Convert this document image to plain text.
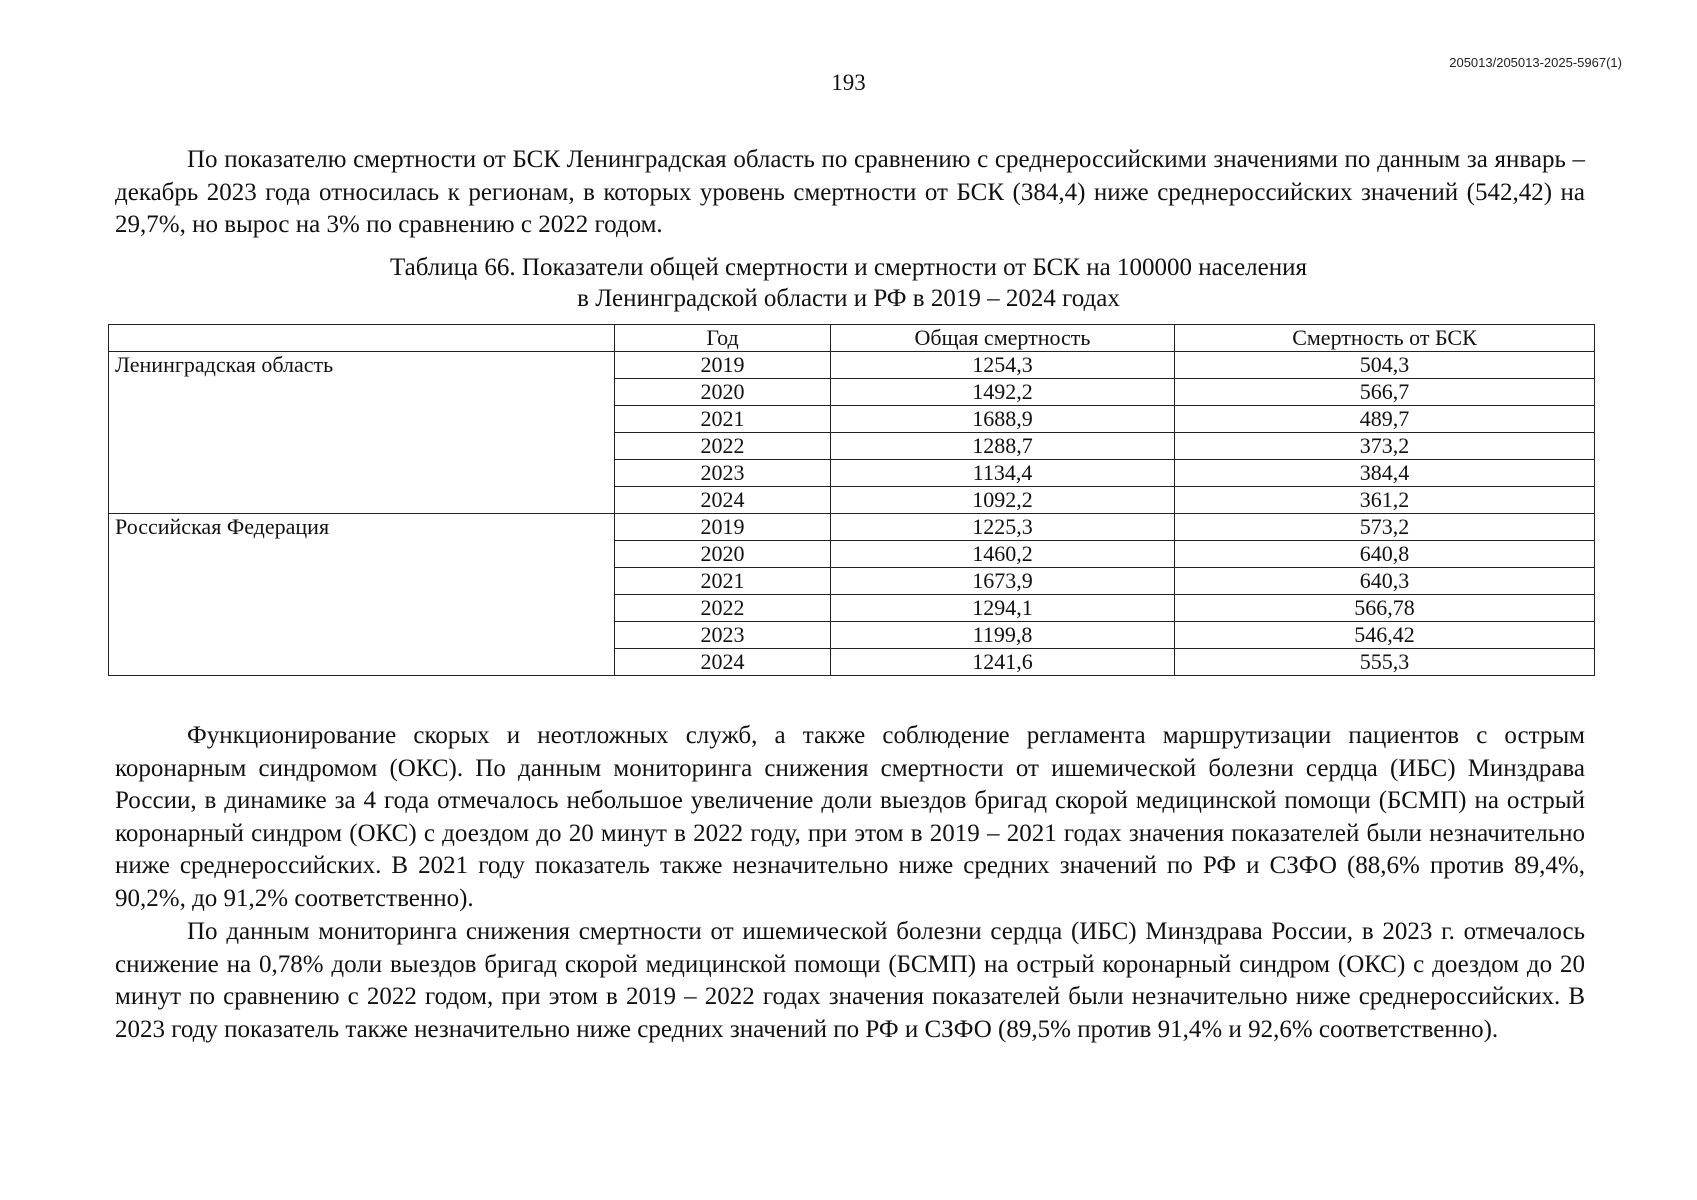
205013/205013-2025-5967(1)
193

По показателю смертности от БСК Ленинградская область по сравнению с среднероссийскими значениями по данным за январь – декабрь 2023 года относилась к регионам, в которых уровень смертности от БСК (384,4) ниже среднероссийских значений (542,42) на 29,7%, но вырос на 3% по сравнению с 2022 годом.

Таблица 66. Показатели общей смертности и смертности от БСК на 100000 населения
в Ленинградской области и РФ в 2019 – 2024 годах
	Год	Общая смертность	Смертность от БСК
Ленинградская область	2019	1254,3	504,3
	2020	1492,2	566,7
	2021	1688,9	489,7
	2022	1288,7	373,2
	2023	1134,4	384,4
	2024	1092,2	361,2
Российская Федерация	2019	1225,3	573,2
	2020	1460,2	640,8
	2021	1673,9	640,3
	2022	1294,1	566,78
	2023	1199,8	546,42
	2024	1241,6	555,3

Функционирование скорых и неотложных служб, а также соблюдение регламента маршрутизации пациентов с острым коронарным синдромом (ОКС). По данным мониторинга снижения смертности от ишемической болезни сердца (ИБС) Минздрава России, в динамике за 4 года отмечалось небольшое увеличение доли выездов бригад скорой медицинской помощи (БСМП) на острый коронарный синдром (ОКС) с доездом до 20 минут в 2022 году, при этом в 2019 – 2021 годах значения показателей были незначительно ниже среднероссийских. В 2021 году показатель также незначительно ниже средних значений по РФ и СЗФО (88,6% против 89,4%, 90,2%, до 91,2% соответственно).

По данным мониторинга снижения смертности от ишемической болезни сердца (ИБС) Минздрава России, в 2023 г. отмечалось снижение на 0,78% доли выездов бригад скорой медицинской помощи (БСМП) на острый коронарный синдром (ОКС) с доездом до 20 минут по сравнению с 2022 годом, при этом в 2019 – 2022 годах значения показателей были незначительно ниже среднероссийских. В 2023 году показатель также незначительно ниже средних значений по РФ и СЗФО (89,5% против 91,4% и 92,6% соответственно).
